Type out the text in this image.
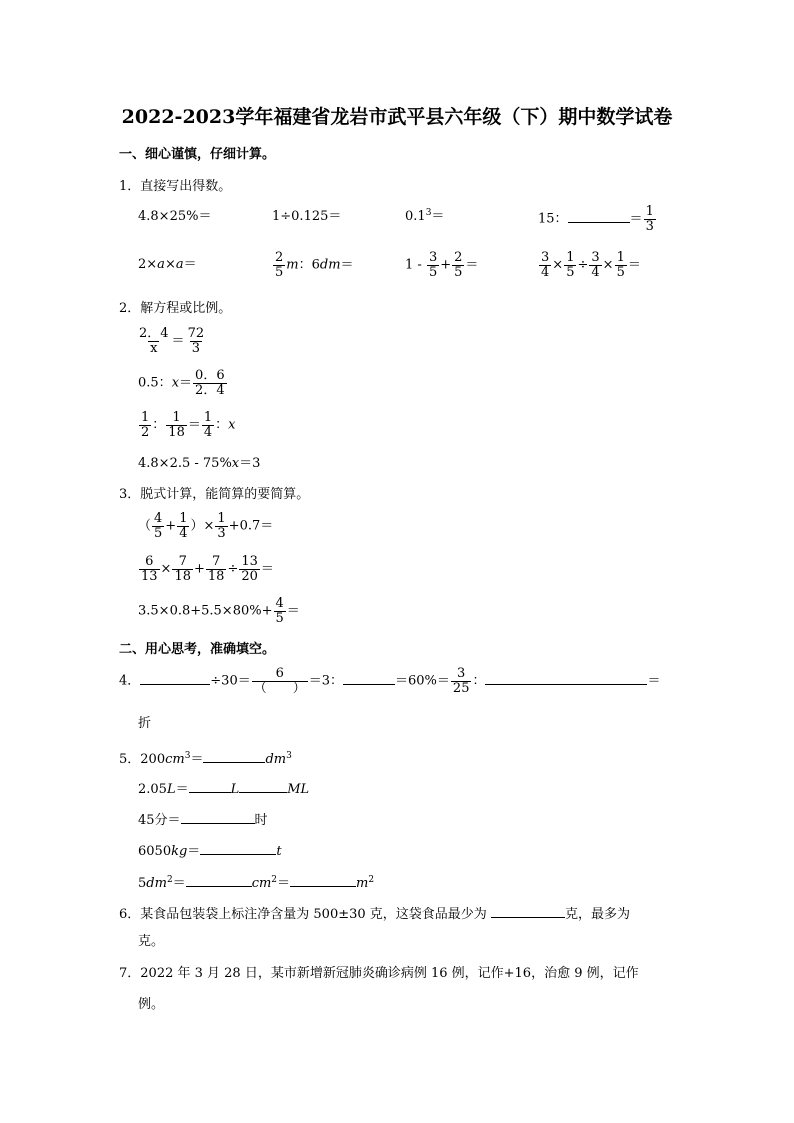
2022-2023学年福建省龙岩市武平县六年级（下）期中数学试卷
一、细心谨慎，仔细计算。
1．直接写出得数。
4.8×25%＝	1÷0.125＝	$0.1^3=$	15：	＝ $\frac{1}{3}$
2×a×a＝	$\frac{2}{5}$ m：6dm＝	$1 - \frac{3}{5} + \frac{2}{5}$ ＝	$\frac{3}{4} \times \frac{1}{5} \div \frac{3}{4} \times \frac{1}{5}$ ＝
2．解方程或比例。
$\frac{2.4}{x} = \frac{72}{3}$
0.5：$x= \frac{0.6}{2.4}$
$\frac{1}{2}$ ： $\frac{1}{18} = \frac{1}{4}$ ：x
4.8×2.5 - 75%x＝3
3．脱式计算，能简算的要简算。
（ $\frac{4}{5} + \frac{1}{4}$ ）× $\frac{1}{3} +0.7=$
$\frac{6}{13} \times \frac{7}{18} + \frac{7}{18} \div \frac{13}{20}$ ＝
$3.5\times 0.8+5.5\times 80\%+ \frac{4}{5}$ ＝
二、用心思考，准确填空。
4．	$\div 30= \frac{6}{( )} =3$：	$=60\%= \frac{3}{25}$ ：	＝
折
5．$200cm^3=$	$dm^3$
2.05L＝	L	ML
45分＝	时
6050kg＝	t
$5dm^2=$	$cm^2=$	$m^2$
6．某食品包装袋上标注净含量为 500±30 克，这袋食品最少为	克，最多为
克。
7．2022 年 3 月 28 日，某市新增新冠肺炎确诊病例 16 例，记作+16，治愈 9 例，记作
例。
